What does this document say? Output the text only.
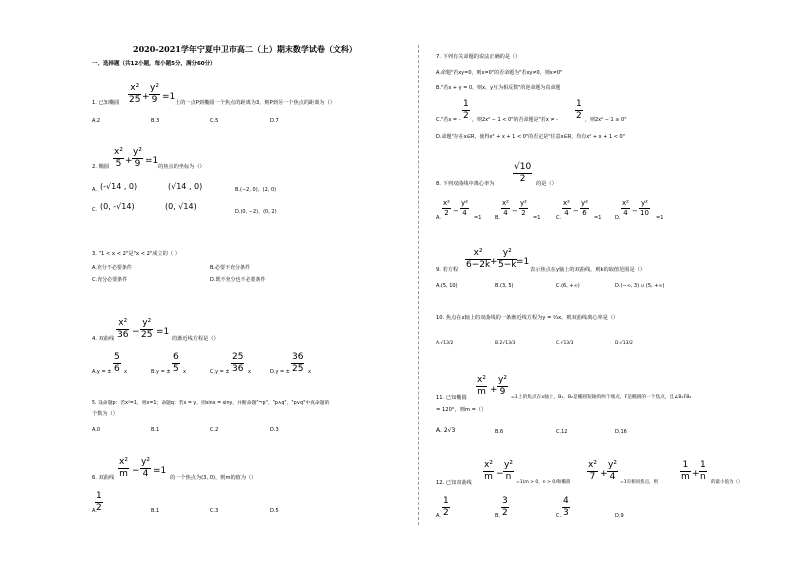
2020-2021学年宁夏中卫市高二（上）期末数学试卷（文科）
一、选择题（共12小题，每小题5分，满分60分）
1. 已知椭圆
x²
25 +
y²
9 =1
上的一点P到椭圆一个焦点的距离为3，则P到另一个焦点的距离为（）
A.2	B.3	C.5	D.7
2. 椭圆
x²
5 +
y²
9 =1
的焦点的坐标为（）
A. (-√14 , 0)	(√14 , 0)	B.(−2, 0)，(2, 0)
C. (0, -√14)	(0, √14)
D.(0, −2)，(0, 2)
3. "1 < x < 2"是"x < 2"成立的（ ）
A.充分不必要条件	B.必要不充分条件
C.充分必要条件	D.既不充分也不必要条件
4. 双曲线
x²
36 −
y²
25 =1
的渐近线方程是（）
A.y = ±
5
6 x	B.y = ±
6
5 x	C.y = ±
25
36 x	D.y = ±
36
25 x
5. 设命题p：若x²=1，则x=1；命题q：若x = y，则sinx = siny，并断命题"¬p"、"p∧q"、"p∨q"中真命题的
个数为（）
A.0	B.1	C.2	D.3
6. 双曲线
x²
m −
y²
4 =1
的一个焦点为(3, 0)，则m的值为（）
A.
1
2	B.1	C.3	D.5
7. 下列有关命题的说法正确的是（）
A.命题"若xy=0，则x=0"的否命题为"若xy≠0，则x≠0"
B."若x + y = 0，则x，y互为相反数"的逆命题为真命题
C."若x = -
1
2 ，则2x² − 1 < 0"的否命题是"若x ≠ -
1
2 ，则2x² − 1 ≥ 0"
D.命题"存在x∈R，使得x² + x + 1 < 0"的否定是"任意x∈R，均有x² + x + 1 < 0"
8. 下列双曲线中离心率为
√10
2 的是（）
A.
x²
2 −
y²
4
=1	B.
x²
4 −
y²
2
=1	C.
x²
4 −
y²
6
=1	D.
x²
4 −
y²
10
=1
9. 若方程
x²
6−2k +
y²
5−k =1
表示焦点在y轴上的双曲线，则k的取值范围是（）
A.(5, 10)	B.(3, 5)	C.(6, +∞)	D.(−∞, 3) ∪ (5, +∞)
10. 焦点在x轴上的双曲线的一条渐近线方程为y = ⅔x，则双曲线离心率是（）
A.√13/2	B.2√13/3	C.√13/3	D.√13/2
11. 已知椭圆
x²
m +
y²
9
=1上的焦点在x轴上，B₁，B₂是椭圆短轴的两个端点，F是椭圆的一个焦点，且∠B₁FB₂
= 120°，则m =（）
A. 2√3	B.6	C.12	D.16
12. 已知双曲线
x²
m −
y²
n
=1(m > 0，n > 0)和椭圆
x²
7 +
y²
4
=1有相同焦点，则
1
m +
1
n
的最小值为（）
A.
1
2	B.
3
2	C.
4
3	D.9
